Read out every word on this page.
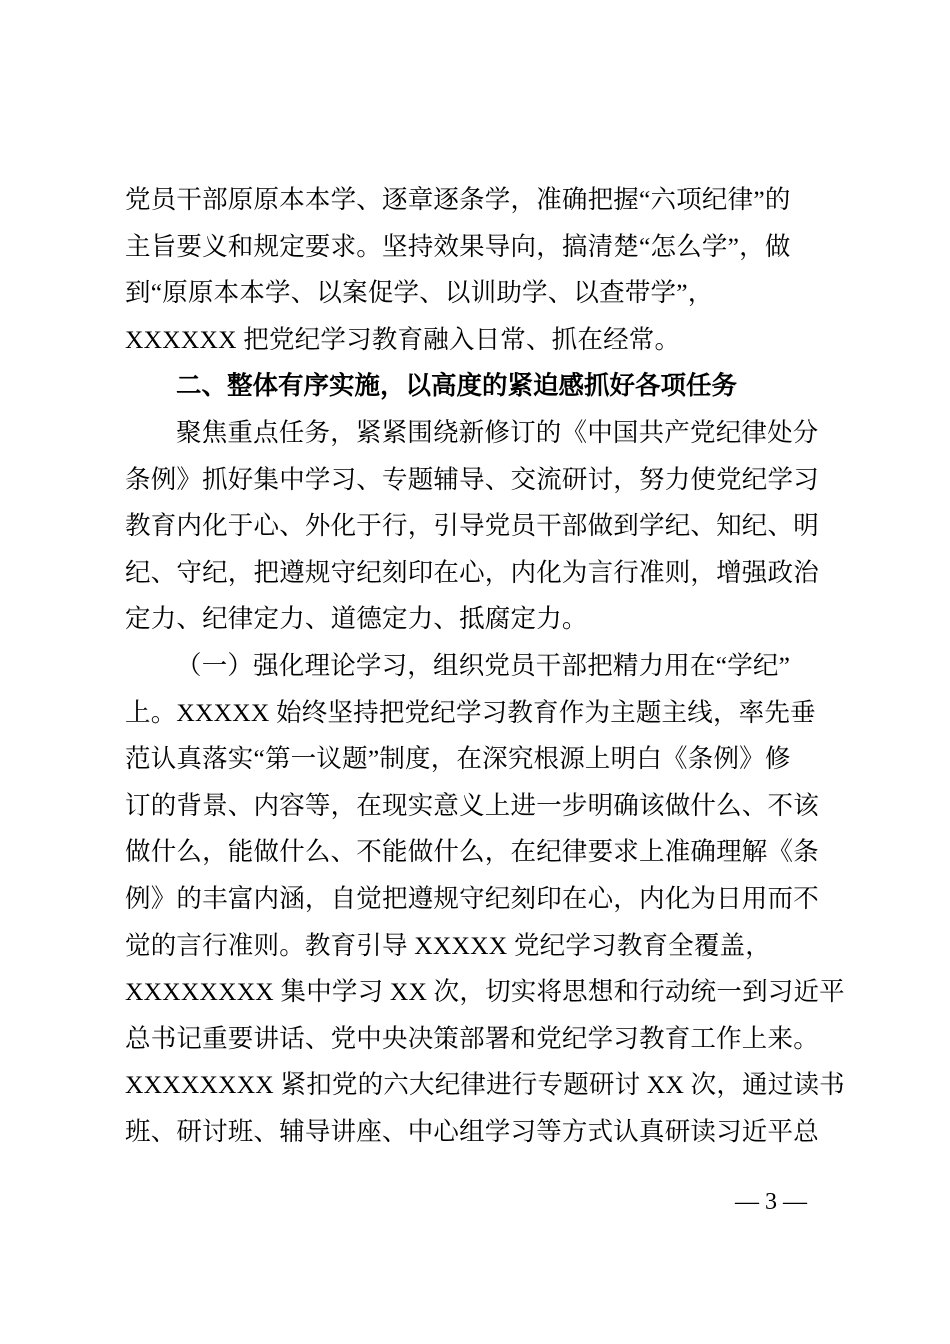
党员干部原原本本学、逐章逐条学，准确把握“六项纪律”的
主旨要义和规定要求。坚持效果导向，搞清楚“怎么学”，做
到“原原本本学、以案促学、以训助学、以查带学”，
XXXXXX 把党纪学习教育融入日常、抓在经常。
二、整体有序实施，以高度的紧迫感抓好各项任务
聚焦重点任务，紧紧围绕新修订的《中国共产党纪律处分
条例》抓好集中学习、专题辅导、交流研讨，努力使党纪学习
教育内化于心、外化于行，引导党员干部做到学纪、知纪、明
纪、守纪，把遵规守纪刻印在心，内化为言行准则，增强政治
定力、纪律定力、道德定力、抵腐定力。
（一）强化理论学习，组织党员干部把精力用在“学纪”
上。XXXXX 始终坚持把党纪学习教育作为主题主线，率先垂
范认真落实“第一议题”制度，在深究根源上明白《条例》修
订的背景、内容等，在现实意义上进一步明确该做什么、不该
做什么，能做什么、不能做什么，在纪律要求上准确理解《条
例》的丰富内涵，自觉把遵规守纪刻印在心，内化为日用而不
觉的言行准则。教育引导 XXXXX 党纪学习教育全覆盖，
XXXXXXXX 集中学习 XX 次，切实将思想和行动统一到习近平
总书记重要讲话、党中央决策部署和党纪学习教育工作上来。
XXXXXXXX 紧扣党的六大纪律进行专题研讨 XX 次，通过读书
班、研讨班、辅导讲座、中心组学习等方式认真研读习近平总
— 3 —
